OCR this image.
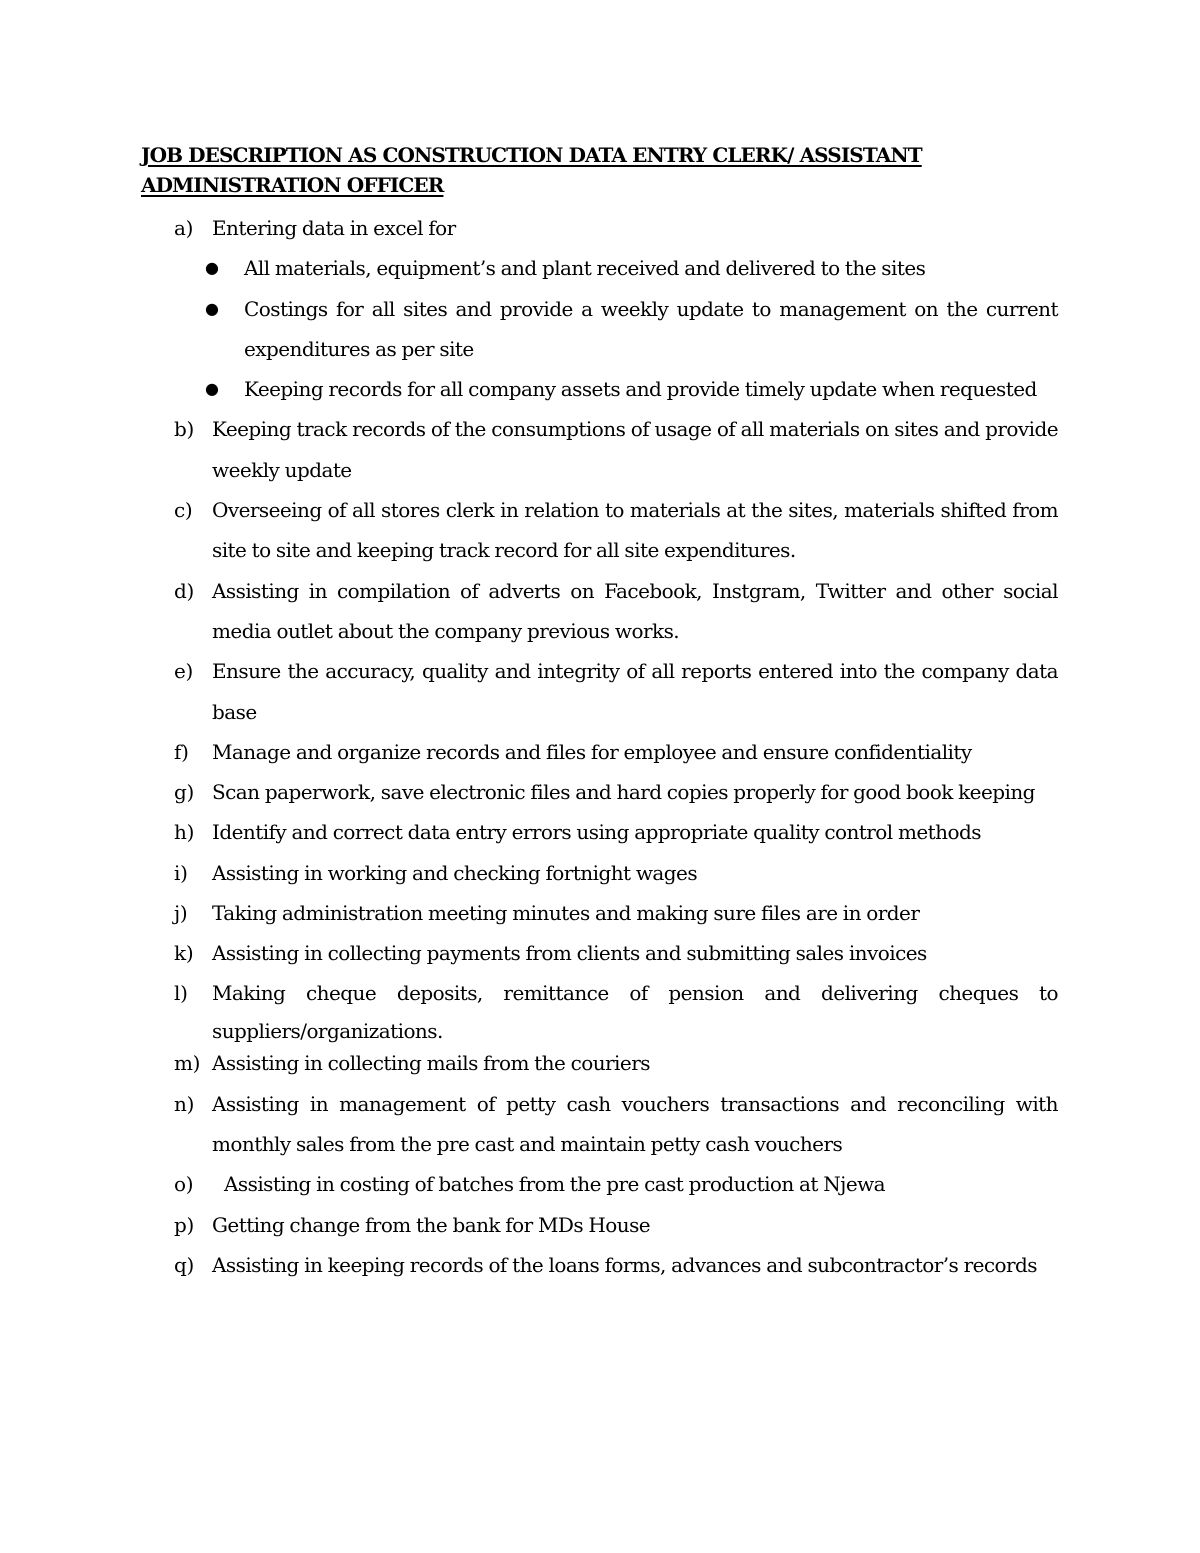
JOB DESCRIPTION AS CONSTRUCTION DATA ENTRY CLERK/ ASSISTANT ADMINISTRATION OFFICER
a) Entering data in excel for
● All materials, equipment’s and plant received and delivered to the sites
● Costings for all sites and provide a weekly update to management on the current expenditures as per site
● Keeping records for all company assets and provide timely update when requested
b) Keeping track records of the consumptions of usage of all materials on sites and provide weekly update
c) Overseeing of all stores clerk in relation to materials at the sites, materials shifted from site to site and keeping track record for all site expenditures.
d) Assisting in compilation of adverts on Facebook, Instgram, Twitter and other social media outlet about the company previous works.
e) Ensure the accuracy, quality and integrity of all reports entered into the company data base
f) Manage and organize records and files for employee and ensure confidentiality
g) Scan paperwork, save electronic files and hard copies properly for good book keeping
h) Identify and correct data entry errors using appropriate quality control methods
i) Assisting in working and checking fortnight wages
j) Taking administration meeting minutes and making sure files are in order
k) Assisting in collecting payments from clients and submitting sales invoices
l) Making cheque deposits, remittance of pension and delivering cheques to suppliers/organizations.
m) Assisting in collecting mails from the couriers
n) Assisting in management of petty cash vouchers transactions and reconciling with monthly sales from the pre cast and maintain petty cash vouchers
o)	Assisting in costing of batches from the pre cast production at Njewa
p) Getting change from the bank for MDs House
q) Assisting in keeping records of the loans forms, advances and subcontractor’s records
